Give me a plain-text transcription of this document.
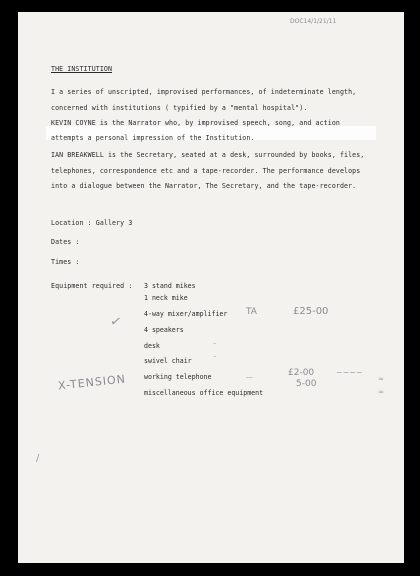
DOC14/1/21/11
THE INSTITUTION
I a series of unscripted, improvised performances, of indeterminate length,
concerned with institutions ( typified by a "mental hospital").
KEVIN COYNE is the Narrator who, by improvised speech, song, and action
attempts a personal impression of the Institution.
IAN BREAKWELL is the Secretary, seated at a desk, surrounded by books, files,
telephones, correspondence etc and a tape-recorder. The performance develops
into a dialogue between the Narrator, The Secretary, and the tape-recorder.
Location : Gallery 3
Dates :
Times :
Equipment required : 3 stand mikes
1 neck mike
4-way mixer/amplifier
4 speakers
desk
swivel chair
working telephone
miscellaneous office equipment
X-TENSION
TA	£25-00
£2-00
5-00
✓
~~~~
≈
≈
/
–
–
—
